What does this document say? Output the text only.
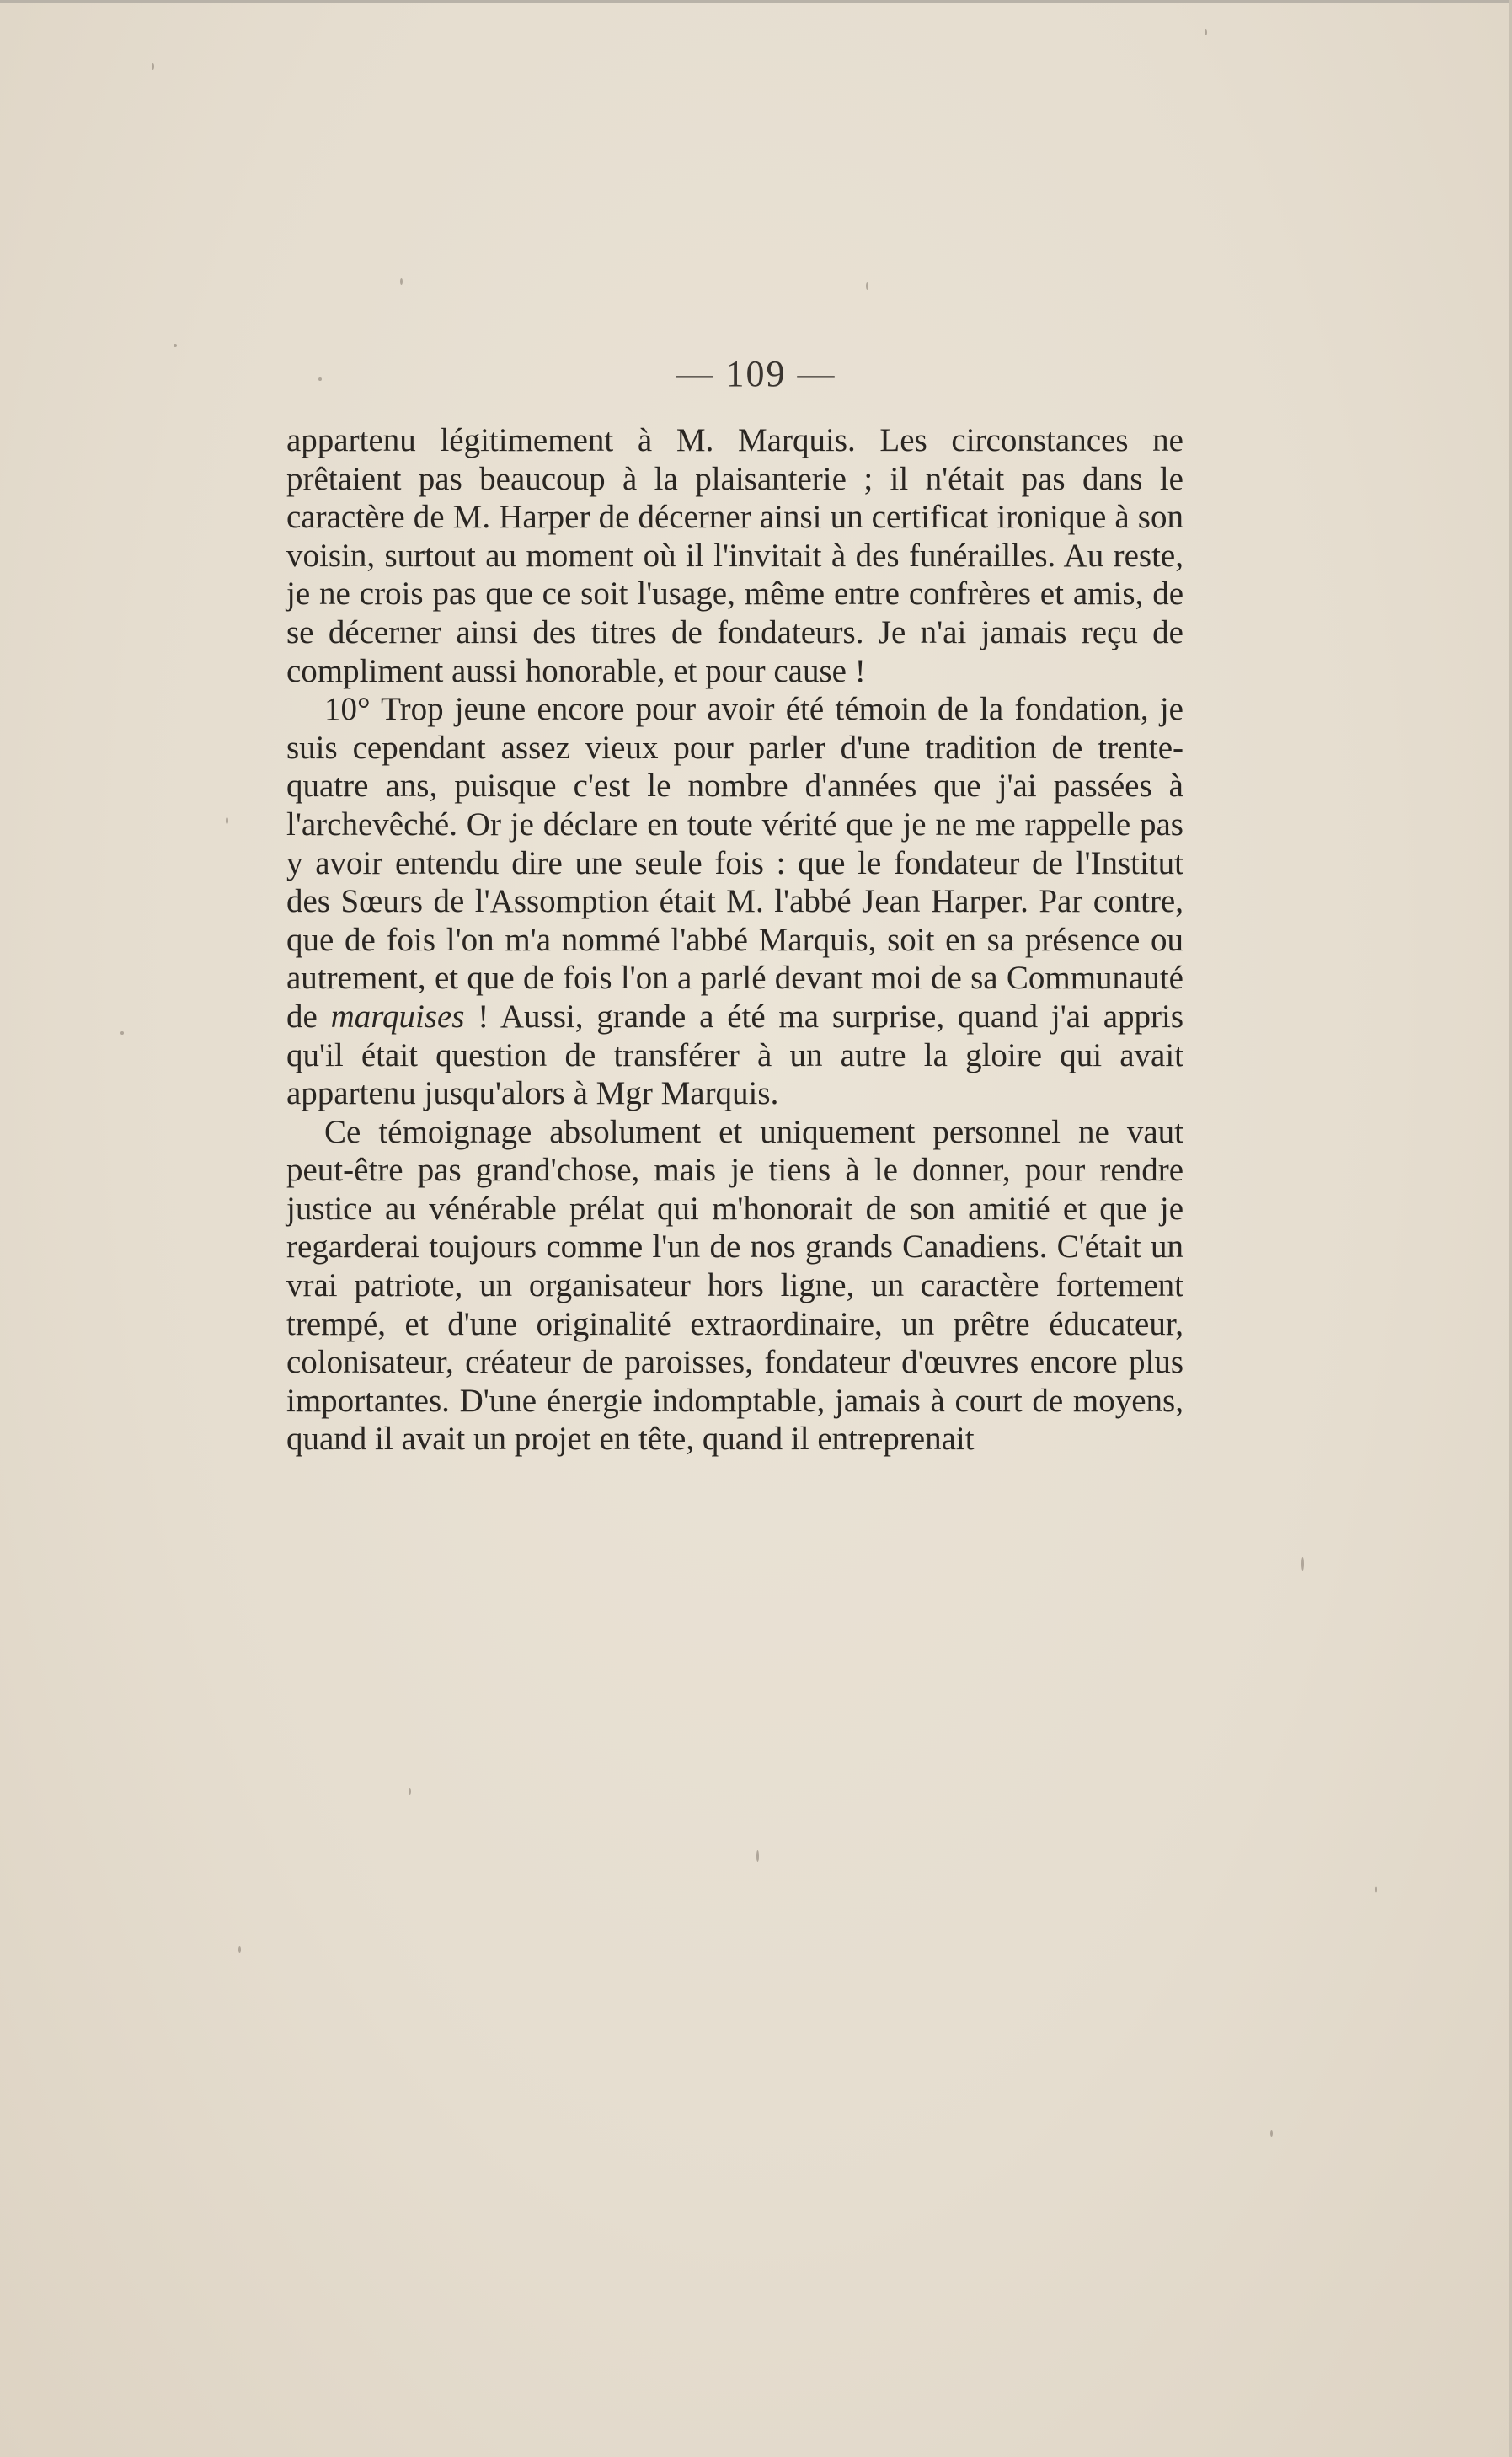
— 109 —

appartenu légitimement à M. Marquis. Les circonstances ne prêtaient pas beaucoup à la plaisanterie ; il n'était pas dans le caractère de M. Harper de décerner ainsi un certificat ironique à son voisin, surtout au moment où il l'invitait à des funérailles. Au reste, je ne crois pas que ce soit l'usage, même entre confrères et amis, de se décerner ainsi des titres de fondateurs. Je n'ai jamais reçu de compliment aussi honorable, et pour cause !

10° Trop jeune encore pour avoir été témoin de la fondation, je suis cependant assez vieux pour parler d'une tradition de trente-quatre ans, puisque c'est le nombre d'années que j'ai passées à l'archevêché. Or je déclare en toute vérité que je ne me rappelle pas y avoir entendu dire une seule fois : que le fondateur de l'Institut des Sœurs de l'Assomption était M. l'abbé Jean Harper. Par contre, que de fois l'on m'a nommé l'abbé Marquis, soit en sa présence ou autrement, et que de fois l'on a parlé devant moi de sa Communauté de marquises ! Aussi, grande a été ma surprise, quand j'ai appris qu'il était question de transférer à un autre la gloire qui avait appartenu jusqu'alors à Mgr Marquis.

Ce témoignage absolument et uniquement personnel ne vaut peut-être pas grand'chose, mais je tiens à le donner, pour rendre justice au vénérable prélat qui m'honorait de son amitié et que je regarderai toujours comme l'un de nos grands Canadiens. C'était un vrai patriote, un organisateur hors ligne, un caractère fortement trempé, et d'une originalité extraordinaire, un prêtre éducateur, colonisateur, créateur de paroisses, fondateur d'œuvres encore plus importantes. D'une énergie indomptable, jamais à court de moyens, quand il avait un projet en tête, quand il entreprenait
